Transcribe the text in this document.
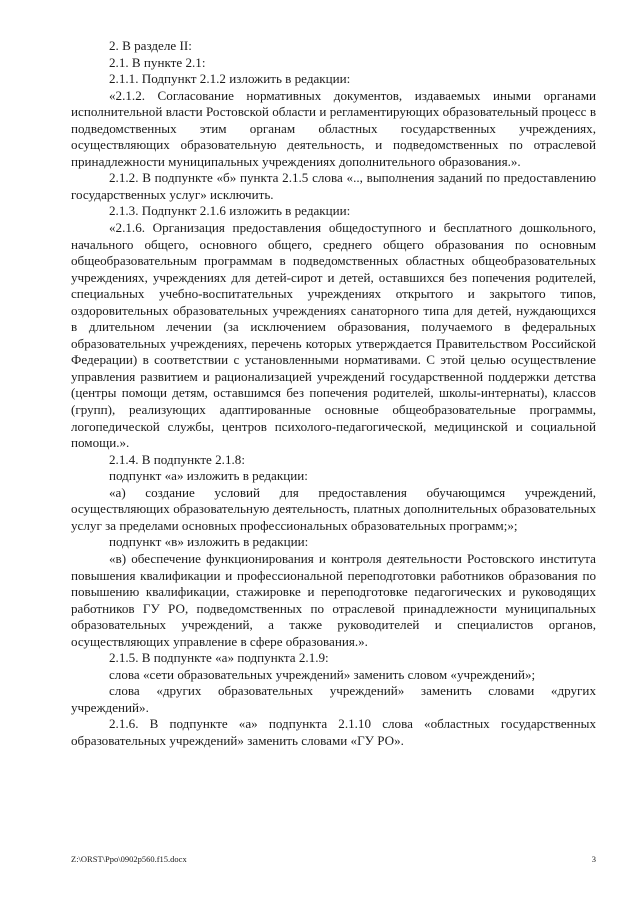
2. В разделе II:

2.1. В пункте 2.1:

2.1.1. Подпункт 2.1.2 изложить в редакции:

«2.1.2. Согласование нормативных документов, издаваемых иными органами исполнительной власти Ростовской области и регламентирующих образовательный процесс в подведомственных этим органам областных государственных учреждениях, осуществляющих образовательную деятельность, и подведомственных по отраслевой принадлежности муниципальных учреждениях дополнительного образования.».

2.1.2. В подпункте «б» пункта 2.1.5 слова «.., выполнения заданий по предоставлению государственных услуг» исключить.

2.1.3. Подпункт 2.1.6 изложить в редакции:

«2.1.6. Организация предоставления общедоступного и бесплатного дошкольного, начального общего, основного общего, среднего общего образования по основным общеобразовательным программам в подведомственных областных общеобразовательных учреждениях, учреждениях для детей-сирот и детей, оставшихся без попечения родителей, специальных учебно-воспитательных учреждениях открытого и закрытого типов, оздоровительных образовательных учреждениях санаторного типа для детей, нуждающихся в длительном лечении (за исключением образования, получаемого в федеральных образовательных учреждениях, перечень которых утверждается Правительством Российской Федерации) в соответствии с установленными нормативами. С этой целью осуществление управления развитием и рационализацией учреждений государственной поддержки детства (центры помощи детям, оставшимся без попечения родителей, школы-интернаты), классов (групп), реализующих адаптированные основные общеобразовательные программы, логопедической службы, центров психолого-педагогической, медицинской и социальной помощи.».

2.1.4. В подпункте 2.1.8:

подпункт «а» изложить в редакции:

«а) создание условий для предоставления обучающимся учреждений, осуществляющих образовательную деятельность, платных дополнительных образовательных услуг за пределами основных профессиональных образовательных программ;»;

подпункт «в» изложить в редакции:

«в) обеспечение функционирования и контроля деятельности Ростовского института повышения квалификации и профессиональной переподготовки работников образования по повышению квалификации, стажировке и переподготовке педагогических и руководящих работников ГУ РО, подведомственных по отраслевой принадлежности муниципальных образовательных учреждений, а также руководителей и специалистов органов, осуществляющих управление в сфере образования.».

2.1.5. В подпункте «а» подпункта 2.1.9:

слова «сети образовательных учреждений» заменить словом «учреждений»;

слова «других образовательных учреждений» заменить словами «других учреждений».

2.1.6. В подпункте «а» подпункта 2.1.10 слова «областных государственных образовательных учреждений» заменить словами «ГУ РО».

Z:\ORST\Ppo\0902p560.f15.docx	3
